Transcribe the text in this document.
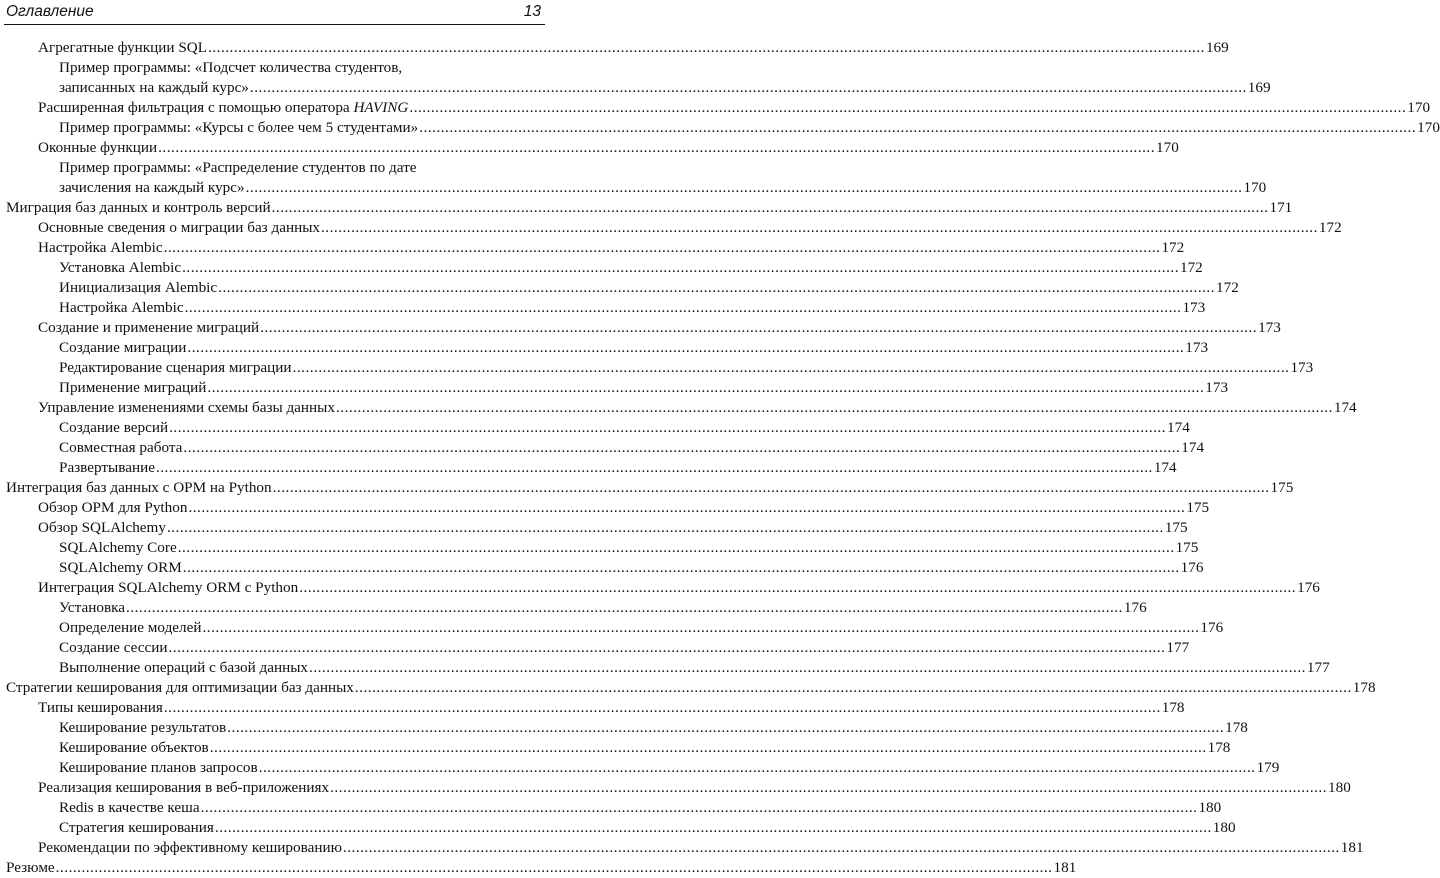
Оглавление	13
Агрегатные функции SQL .....	169
Пример программы: «Подсчет количества студентов,
записанных на каждый курс» .....	169
Расширенная фильтрация с помощью оператора HAVING .....	170
Пример программы: «Курсы с более чем 5 студентами» .....	170
Оконные функции .....	170
Пример программы: «Распределение студентов по дате
зачисления на каждый курс» .....	170
Миграция баз данных и контроль версий .....	171
Основные сведения о миграции баз данных .....	172
Настройка Alembic .....	172
Установка Alembic .....	172
Инициализация Alembic .....	172
Настройка Alembic .....	173
Создание и применение миграций .....	173
Создание миграции .....	173
Редактирование сценария миграции .....	173
Применение миграций .....	173
Управление изменениями схемы базы данных .....	174
Создание версий .....	174
Совместная работа .....	174
Развертывание .....	174
Интеграция баз данных с ОРМ на Python .....	175
Обзор ОРМ для Python .....	175
Обзор SQLAlchemy .....	175
SQLAlchemy Core .....	175
SQLAlchemy ORM .....	176
Интеграция SQLAlchemy ORM с Python .....	176
Установка .....	176
Определение моделей .....	176
Создание сессии .....	177
Выполнение операций с базой данных .....	177
Стратегии кеширования для оптимизации баз данных .....	178
Типы кеширования .....	178
Кеширование результатов .....	178
Кеширование объектов .....	178
Кеширование планов запросов .....	179
Реализация кеширования в веб-приложениях .....	180
Redis в качестве кеша .....	180
Стратегия кеширования .....	180
Рекомендации по эффективному кешированию .....	181
Резюме .....	181
